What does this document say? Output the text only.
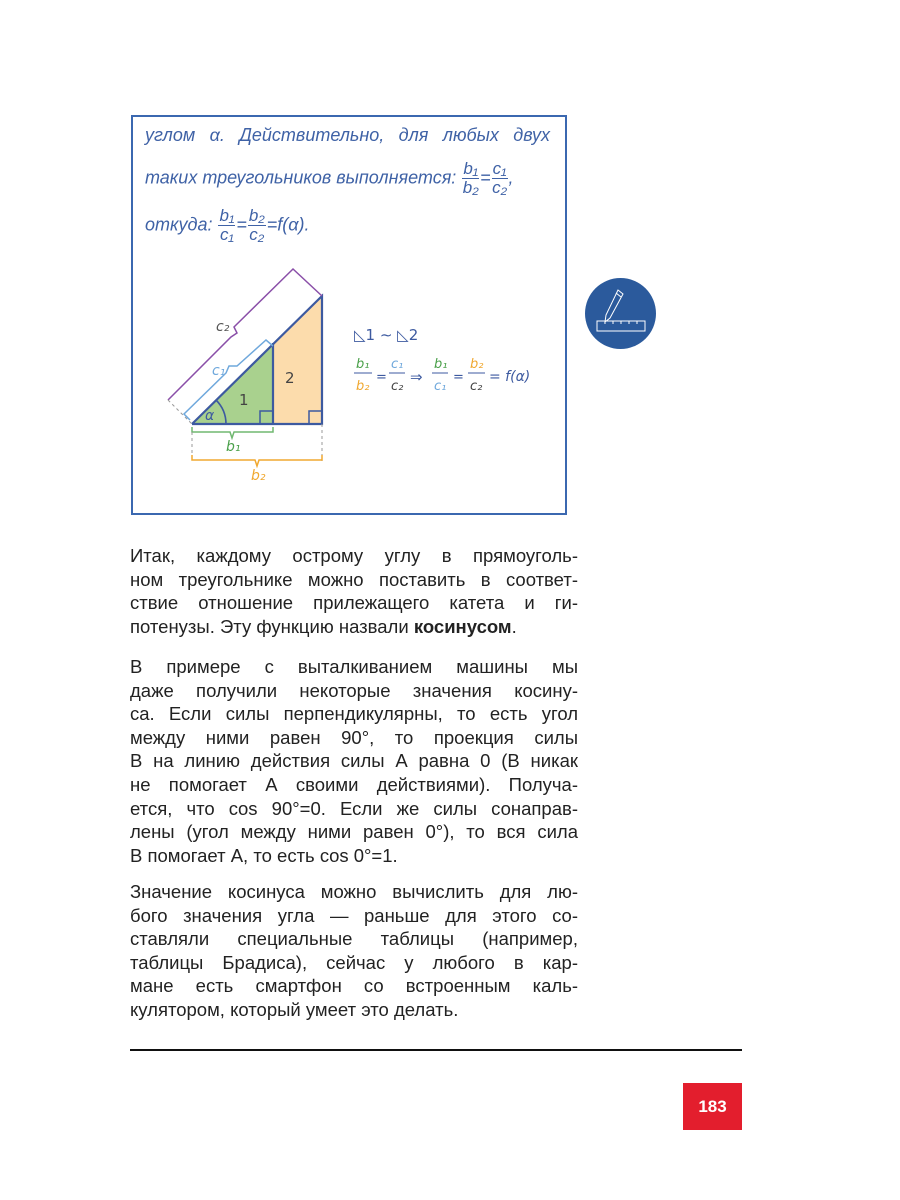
углом α. Действительно, для любых двух
таких треугольников выполняется: $\frac{\text{b₁}}{\text{b₂}} = \frac{\text{c₁}}{\text{c₂}}$ ,
откуда: $\frac{\text{b₁}}{\text{c₁}} = \frac{\text{b₂}}{\text{c₂}} =f(\alpha)$.
c₂
c₁
b₁
b₂
α
1
2
◺1 ∼ ◺2
b₁
b₂
=
c₁
c₂
⇒
b₁
c₁
=
b₂
c₂
= f(α)
Итак, каждому острому углу в прямоуголь-
ном треугольнике можно поставить в соответ-
ствие отношение прилежащего катета и ги-
потенузы. Эту функцию назвали косинусом.
В примере с выталкиванием машины мы
даже получили некоторые значения косину-
са. Если силы перпендикулярны, то есть угол
между ними равен 90°, то проекция силы
В на линию действия силы А равна 0 (В никак
не помогает А своими действиями). Получа-
ется, что cos 90°=0. Если же силы сонаправ-
лены (угол между ними равен 0°), то вся сила
В помогает А, то есть cos 0°=1.
Значение косинуса можно вычислить для лю-
бого значения угла — раньше для этого со-
ставляли специальные таблицы (например,
таблицы Брадиса), сейчас у любого в кар-
мане есть смартфон со встроенным каль-
кулятором, который умеет это делать.
183
